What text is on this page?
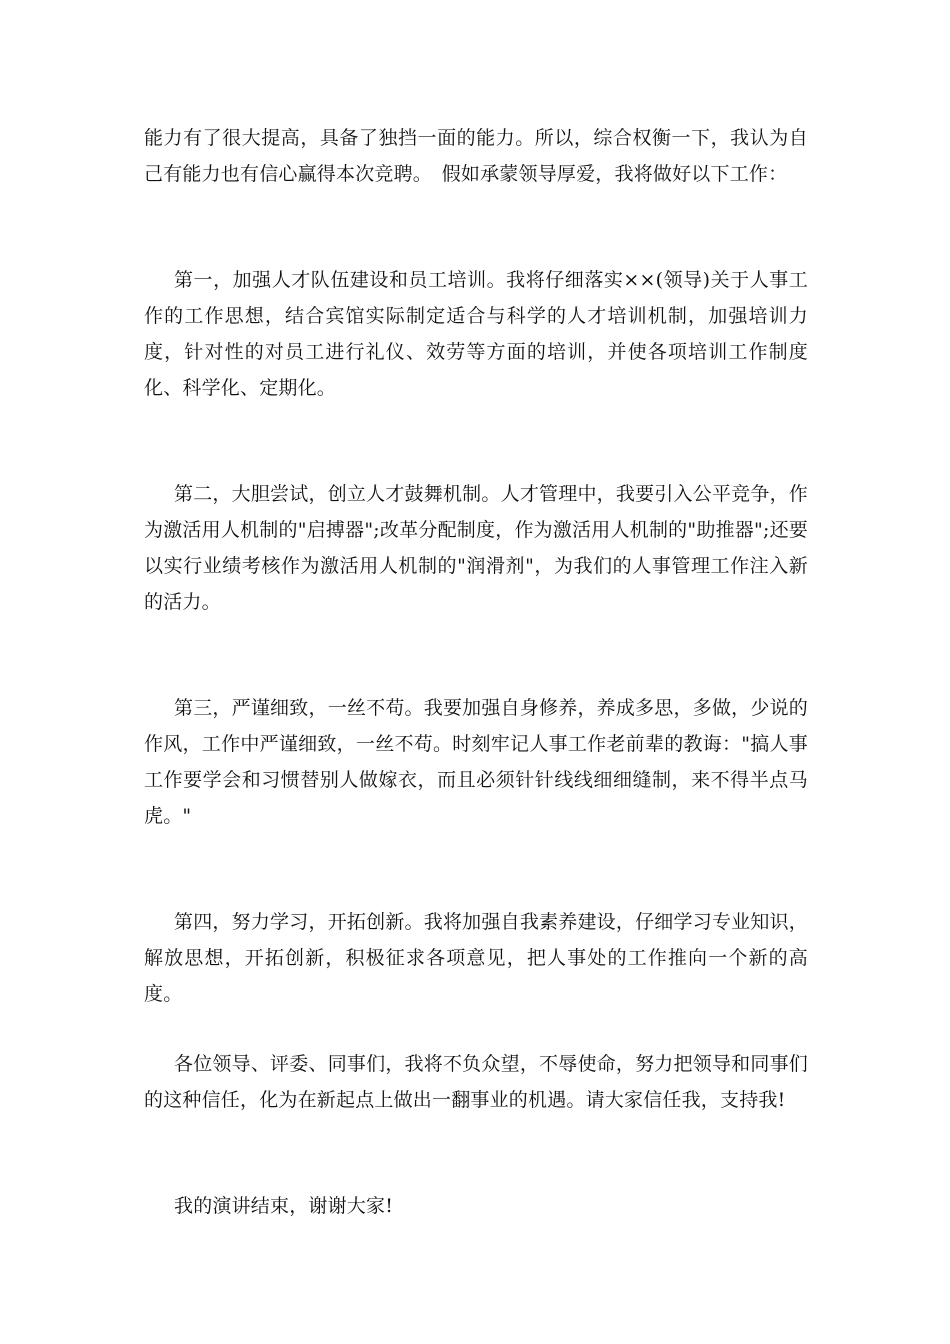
能力有了很大提高，具备了独挡一面的能力。所以，综合权衡一下，我认为自己有能力也有信心赢得本次竞聘。　假如承蒙领导厚爱，我将做好以下工作：

第一，加强人才队伍建设和员工培训。我将仔细落实××(领导)关于人事工作的工作思想，结合宾馆实际制定适合与科学的人才培训机制，加强培训力度，针对性的对员工进行礼仪、效劳等方面的培训，并使各项培训工作制度化、科学化、定期化。

第二，大胆尝试，创立人才鼓舞机制。人才管理中，我要引入公平竞争，作为激活用人机制的"启搏器";改革分配制度，作为激活用人机制的"助推器";还要以实行业绩考核作为激活用人机制的"润滑剂"，为我们的人事管理工作注入新的活力。

第三，严谨细致，一丝不苟。我要加强自身修养，养成多思，多做，少说的作风，工作中严谨细致，一丝不苟。时刻牢记人事工作老前辈的教诲："搞人事工作要学会和习惯替别人做嫁衣，而且必须针针线线细细缝制，来不得半点马虎。"

第四，努力学习，开拓创新。我将加强自我素养建设，仔细学习专业知识，解放思想，开拓创新，积极征求各项意见，把人事处的工作推向一个新的高度。

各位领导、评委、同事们，我将不负众望，不辱使命，努力把领导和同事们的这种信任，化为在新起点上做出一翻事业的机遇。请大家信任我，支持我!

我的演讲结束，谢谢大家!
